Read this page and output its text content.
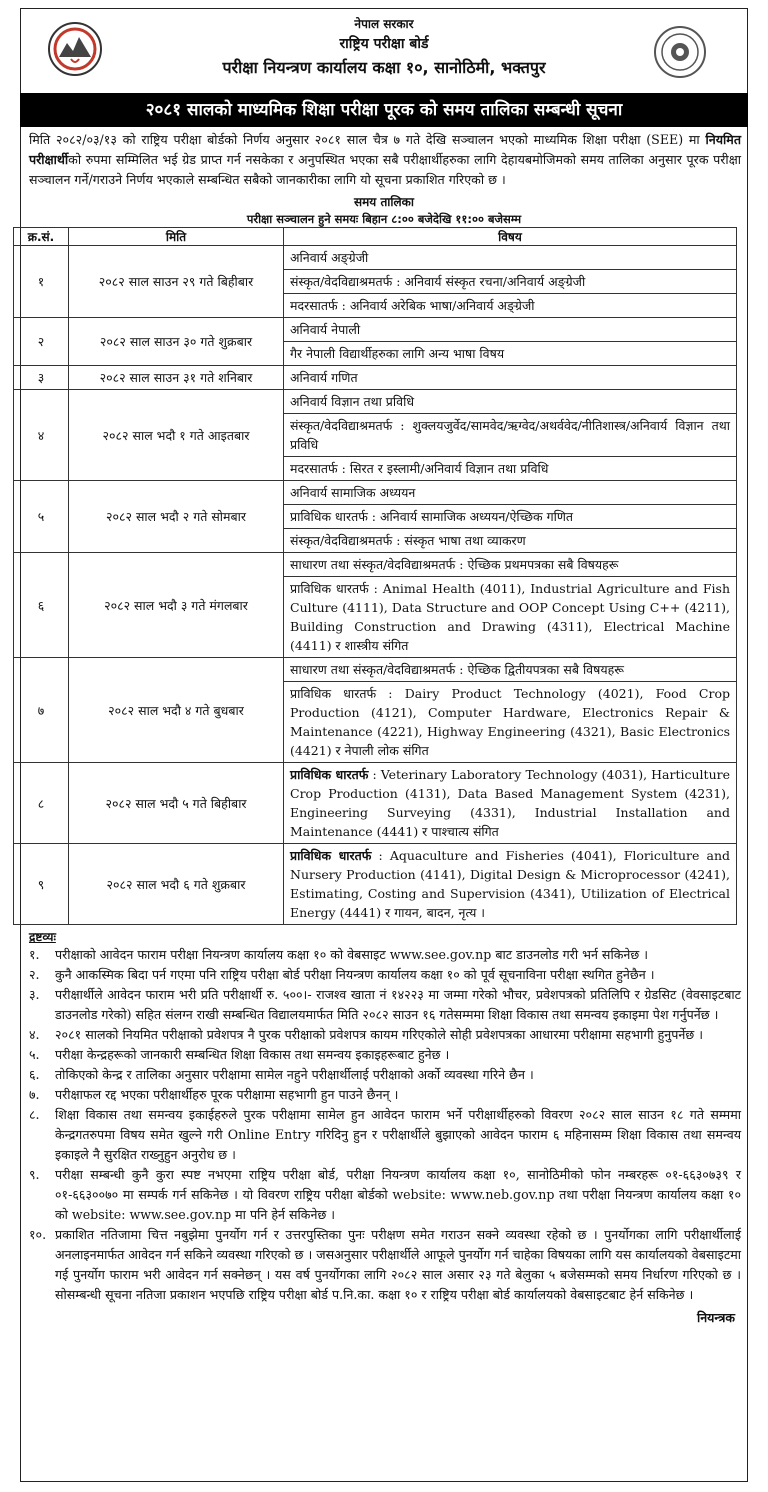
नेपाल सरकार
राष्ट्रिय परीक्षा बोर्ड
परीक्षा नियन्त्रण कार्यालय कक्षा १०, सानोठिमी, भक्तपुर
२०८१ सालको माध्यमिक शिक्षा परीक्षा पूरक को समय तालिका सम्बन्धी सूचना
मिति २०८२/०३/१३ को राष्ट्रिय परीक्षा बोर्डको निर्णय अनुसार २०८१ साल चैत्र ७ गते देखि सञ्चालन भएको माध्यमिक शिक्षा परीक्षा (SEE) मा नियमित परीक्षार्थीको रुपमा सम्मिलित भई ग्रेड प्राप्त गर्न नसकेका र अनुपस्थित भएका सबै परीक्षार्थीहरुका लागि देहायबमोजिमको समय तालिका अनुसार पूरक परीक्षा सञ्चालन गर्ने/गराउने निर्णय भएकाले सम्बन्धित सबैको जानकारीका लागि यो सूचना प्रकाशित गरिएको छ ।
समय तालिका
परीक्षा सञ्चालन हुने समयः बिहान ८:०० बजेदेखि ११:०० बजेसम्म
क्र.सं.	मिति	विषय
१	२०८२ साल साउन २९ गते बिहीबार	अनिवार्य अङ्ग्रेजी
संस्कृत/वेदविद्याश्रमतर्फ : अनिवार्य संस्कृत रचना/अनिवार्य अङ्ग्रेजी
मदरसातर्फ : अनिवार्य अरेबिक भाषा/अनिवार्य अङ्ग्रेजी

२	२०८२ साल साउन ३० गते शुक्रबार	अनिवार्य नेपाली
गैर नेपाली विद्यार्थीहरुका लागि अन्य भाषा विषय

३	२०८२ साल साउन ३१ गते शनिबार	अनिवार्य गणित

४	२०८२ साल भदौ १ गते आइतबार	अनिवार्य विज्ञान तथा प्रविधि
संस्कृत/वेदविद्याश्रमतर्फ : शुक्लयजुर्वेद/सामवेद/ऋग्वेद/अथर्ववेद/नीतिशास्त्र/अनिवार्य विज्ञान तथा प्रविधि
मदरसातर्फ : सिरत र इस्लामी/अनिवार्य विज्ञान तथा प्रविधि

५	२०८२ साल भदौ २ गते सोमबार	अनिवार्य सामाजिक अध्ययन
प्राविधिक धारतर्फ : अनिवार्य सामाजिक अध्ययन/ऐच्छिक गणित
संस्कृत/वेदविद्याश्रमतर्फ : संस्कृत भाषा तथा व्याकरण

६	२०८२ साल भदौ ३ गते मंगलबार	साधारण तथा संस्कृत/वेदविद्याश्रमतर्फ : ऐच्छिक प्रथमपत्रका सबै विषयहरू
प्राविधिक धारतर्फ : Animal Health (4011), Industrial Agriculture and Fish Culture (4111), Data Structure and OOP Concept Using C++ (4211), Building Construction and Drawing (4311), Electrical Machine (4411) र शास्त्रीय संगित

७	२०८२ साल भदौ ४ गते बुधबार	साधारण तथा संस्कृत/वेदविद्याश्रमतर्फ : ऐच्छिक द्वितीयपत्रका सबै विषयहरू
प्राविधिक धारतर्फ : Dairy Product Technology (4021), Food Crop Production (4121), Computer Hardware, Electronics Repair & Maintenance (4221), Highway Engineering (4321), Basic Electronics (4421) र नेपाली लोक संगित

८	२०८२ साल भदौ ५ गते बिहीबार	प्राविधिक धारतर्फ : Veterinary Laboratory Technology (4031), Harticulture Crop Production (4131), Data Based Management System (4231), Engineering Surveying (4331), Industrial Installation and Maintenance (4441) र पाश्चात्य संगित

९	२०८२ साल भदौ ६ गते शुक्रबार	प्राविधिक धारतर्फ : Aquaculture and Fisheries (4041), Floriculture and Nursery Production (4141), Digital Design & Microprocessor (4241), Estimating, Costing and Supervision (4341), Utilization of Electrical Energy (4441) र गायन, बादन, नृत्य ।
द्रष्टव्यः
१.	परीक्षाको आवेदन फाराम परीक्षा नियन्त्रण कार्यालय कक्षा १० को वेबसाइट www.see.gov.np बाट डाउनलोड गरी भर्न सकिनेछ ।
२.	कुनै आकस्मिक बिदा पर्न गएमा पनि राष्ट्रिय परीक्षा बोर्ड परीक्षा नियन्त्रण कार्यालय कक्षा १० को पूर्व सूचनाविना परीक्षा स्थगित हुनेछैन ।
३.	परीक्षार्थीले आवेदन फाराम भरी प्रति परीक्षार्थी रु. ५००।- राजश्व खाता नं १४२२३ मा जम्मा गरेको भौचर, प्रवेशपत्रको प्रतिलिपि र ग्रेडसिट (वेवसाइटबाट डाउनलोड गरेको) सहित संलग्न राखी सम्बन्धित विद्यालयमार्फत मिति २०८२ साउन १६ गतेसम्ममा शिक्षा विकास तथा समन्वय इकाइमा पेश गर्नुपर्नेछ ।
४.	२०८१ सालको नियमित परीक्षाको प्रवेशपत्र नै पुरक परीक्षाको प्रवेशपत्र कायम गरिएकोले सोही प्रवेशपत्रका आधारमा परीक्षामा सहभागी हुनुपर्नेछ ।
५.	परीक्षा केन्द्रहरूको जानकारी सम्बन्धित शिक्षा विकास तथा समन्वय इकाइहरूबाट हुनेछ ।
६.	तोकिएको केन्द्र र तालिका अनुसार परीक्षामा सामेल नहुने परीक्षार्थीलाई परीक्षाको अर्को व्यवस्था गरिने छैन ।
७.	परीक्षाफल रद्द भएका परीक्षार्थीहरु पूरक परीक्षामा सहभागी हुन पाउने छैनन् ।
८.	शिक्षा विकास तथा समन्वय इकाईहरुले पुरक परीक्षामा सामेल हुन आवेदन फाराम भर्ने परीक्षार्थीहरुको विवरण २०८२ साल साउन १८ गते सम्ममा केन्द्रगतरुपमा विषय समेत खुल्ने गरी Online Entry गरिदिनु हुन र परीक्षार्थीले बुझाएको आवेदन फाराम ६ महिनासम्म शिक्षा विकास तथा समन्वय इकाइले नै सुरक्षित राख्नुहुन अनुरोध छ ।
९.	परीक्षा सम्बन्धी कुनै कुरा स्पष्ट नभएमा राष्ट्रिय परीक्षा बोर्ड, परीक्षा नियन्त्रण कार्यालय कक्षा १०, सानोठिमीको फोन नम्बरहरू ०१-६६३०७३९ र ०१-६६३००७० मा सम्पर्क गर्न सकिनेछ । यो विवरण राष्ट्रिय परीक्षा बोर्डको website: www.neb.gov.np तथा परीक्षा नियन्त्रण कार्यालय कक्षा १० को website: www.see.gov.np मा पनि हेर्न सकिनेछ ।
१०. प्रकाशित नतिजामा चित्त नबुझेमा पुनर्योग गर्न र उत्तरपुस्तिका पुनः परीक्षण समेत गराउन सक्ने व्यवस्था रहेको छ । पुनर्योगका लागि परीक्षार्थीलाई अनलाइनमार्फत आवेदन गर्न सकिने व्यवस्था गरिएको छ । जसअनुसार परीक्षार्थीले आफूले पुनर्योग गर्न चाहेका विषयका लागि यस कार्यालयको वेबसाइटमा गई पुनर्योग फाराम भरी आवेदन गर्न सक्नेछन् । यस वर्ष पुनर्योगका लागि २०८२ साल असार २३ गते बेलुका ५ बजेसम्मको समय निर्धारण गरिएको छ । सोसम्बन्धी सूचना नतिजा प्रकाशन भएपछि राष्ट्रिय परीक्षा बोर्ड प.नि.का. कक्षा १० र राष्ट्रिय परीक्षा बोर्ड कार्यालयको वेबसाइटबाट हेर्न सकिनेछ ।
नियन्त्रक
